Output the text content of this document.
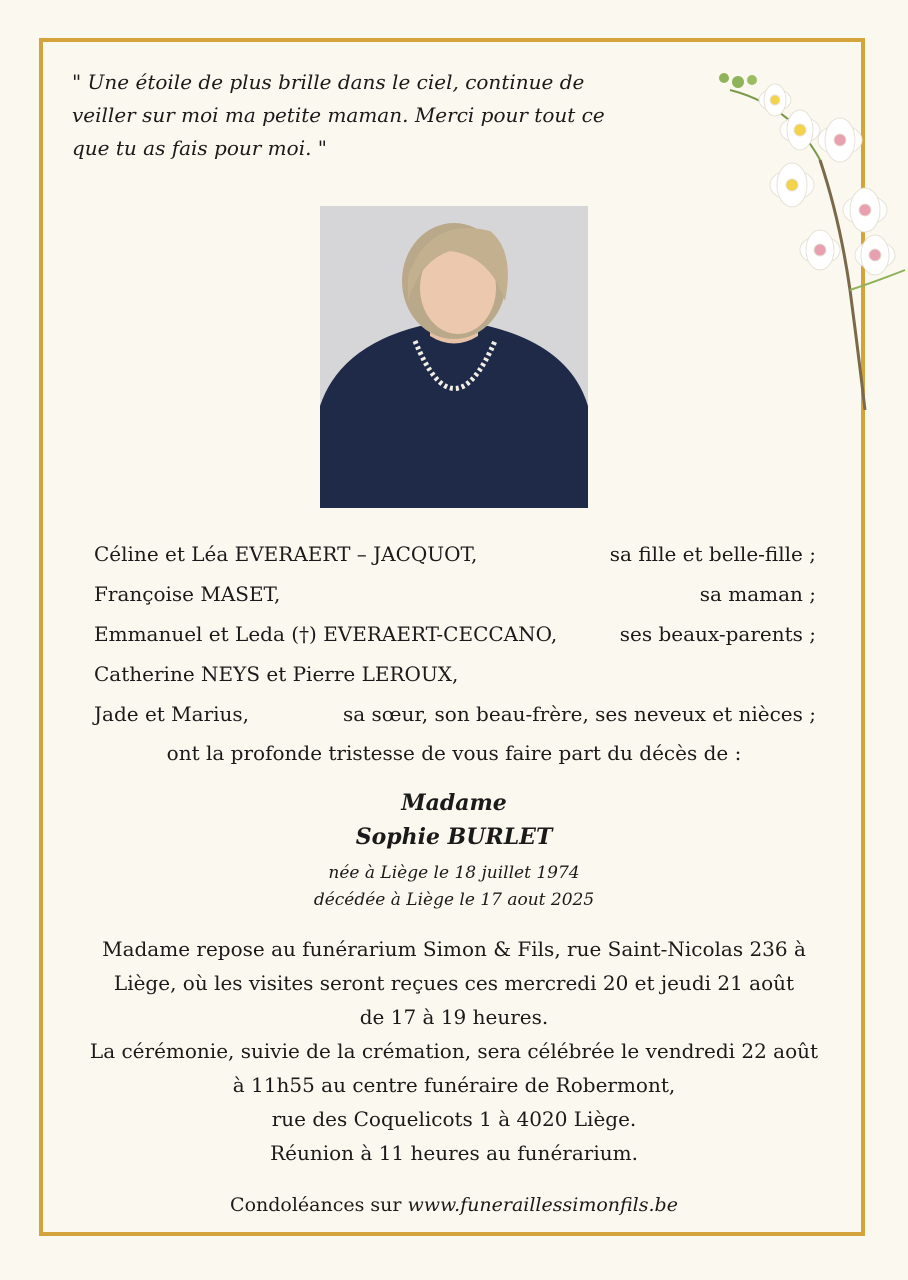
" Une étoile de plus brille dans le ciel, continue de
veiller sur moi ma petite maman. Merci pour tout ce
que tu as fais pour moi. "
Céline et Léa EVERAERT – JACQUOT,	sa fille et belle-fille ;
Françoise MASET,	sa maman ;
Emmanuel et Leda (†) EVERAERT-CECCANO,	ses beaux-parents ;
Catherine NEYS et Pierre LEROUX,
Jade et Marius,	sa sœur, son beau-frère, ses neveux et nièces ;
ont la profonde tristesse de vous faire part du décès de :
Madame
Sophie BURLET
née à Liège le 18 juillet 1974
décédée à Liège le 17 aout 2025
Madame repose au funérarium Simon & Fils, rue Saint-Nicolas 236 à
Liège, où les visites seront reçues ces mercredi 20 et jeudi 21 août
de 17 à 19 heures.
La cérémonie, suivie de la crémation, sera célébrée le vendredi 22 août
à 11h55 au centre funéraire de Robermont,
rue des Coquelicots 1 à 4020 Liège.
Réunion à 11 heures au funérarium.
Condoléances sur www.funeraillessimonfils.be
